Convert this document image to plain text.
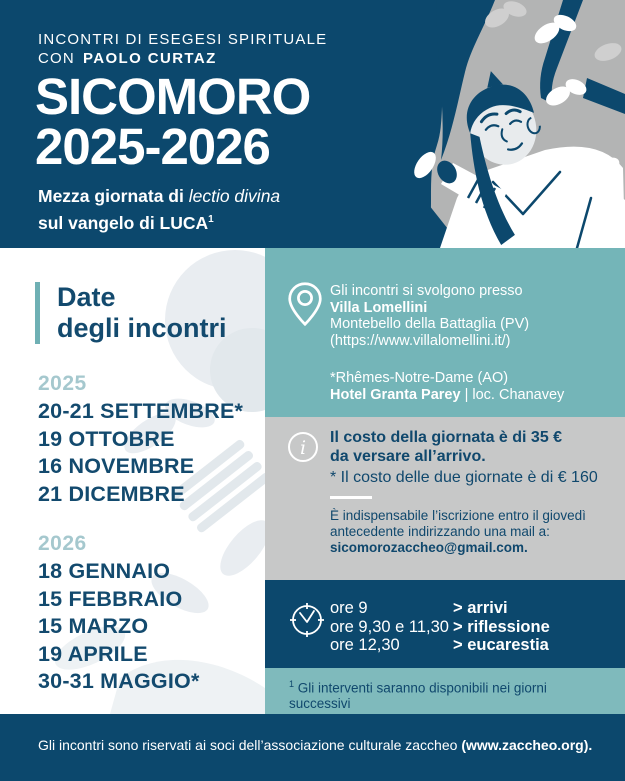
INCONTRI DI ESEGESI SPIRITUALE
CON PAOLO CURTAZ
SICOMORO
2025-2026
Mezza giornata di lectio divina
sul vangelo di LUCA$^1$
Date
degli incontri
2025
20-21 SETTEMBRE*
19 OTTOBRE
16 NOVEMBRE
21 DICEMBRE
2026
18 GENNAIO
15 FEBBRAIO
15 MARZO
19 APRILE
30-31 MAGGIO*
Gli incontri si svolgono presso
Villa Lomellini
Montebello della Battaglia (PV)
(https://www.villalomellini.it/)
*Rhêmes-Notre-Dame (AO)
Hotel Granta Parey | loc. Chanavey
i Il costo della giornata è di 35 €
da versare all’arrivo.
* Il costo delle due giornate è di € 160
È indispensabile l’iscrizione entro il giovedì
antecedente indirizzando una mail a:
sicomorozaccheo@gmail.com.
ore 9	> arrivi
ore 9,30 e 11,30 > riflessione
ore 12,30	> eucarestia
$^1$ Gli interventi saranno disponibili nei giorni successivi
Gli incontri sono riservati ai soci dell’associazione culturale zaccheo (www.zaccheo.org).
